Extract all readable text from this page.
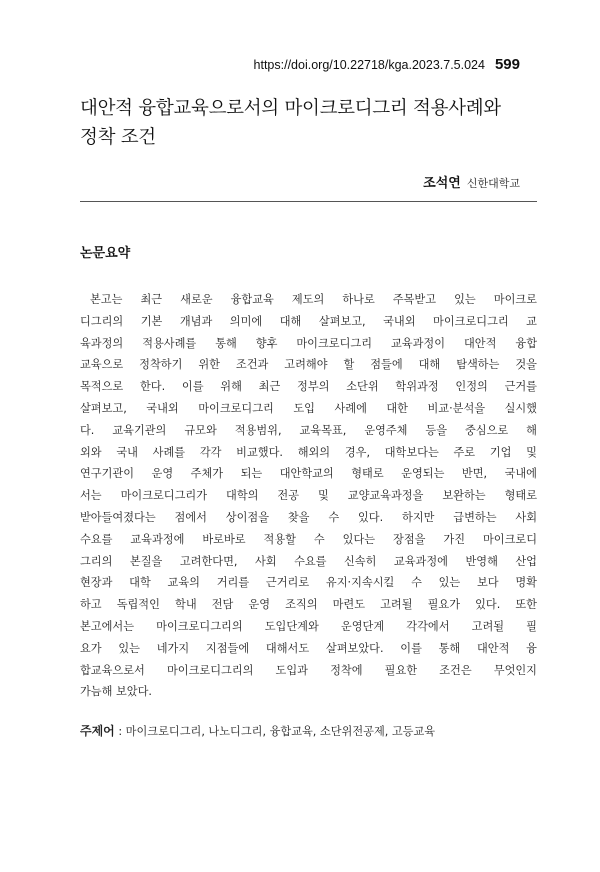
https://doi.org/10.22718/kga.2023.7.5.024 599
대안적 융합교육으로서의 마이크로디그리 적용사례와
정착 조건
조석연 신한대학교
논문요약
본고는 최근 새로운 융합교육 제도의 하나로 주목받고 있는 마이크로
디그리의 기본 개념과 의미에 대해 살펴보고, 국내외 마이크로디그리 교
육과정의 적용사례를 통해 향후 마이크로디그리 교육과정이 대안적 융합
교육으로 정착하기 위한 조건과 고려해야 할 점들에 대해 탐색하는 것을
목적으로 한다. 이를 위해 최근 정부의 소단위 학위과정 인정의 근거를
살펴보고, 국내외 마이크로디그리 도입 사례에 대한 비교·분석을 실시했
다. 교육기관의 규모와 적용범위, 교육목표, 운영주체 등을 중심으로 해
외와 국내 사례를 각각 비교했다. 해외의 경우, 대학보다는 주로 기업 및
연구기관이 운영 주체가 되는 대안학교의 형태로 운영되는 반면, 국내에
서는 마이크로디그리가 대학의 전공 및 교양교육과정을 보완하는 형태로
받아들여졌다는 점에서 상이점을 찾을 수 있다. 하지만 급변하는 사회
수요를 교육과정에 바로바로 적용할 수 있다는 장점을 가진 마이크로디
그리의 본질을 고려한다면, 사회 수요를 신속히 교육과정에 반영해 산업
현장과 대학 교육의 거리를 근거리로 유지·지속시킬 수 있는 보다 명확
하고 독립적인 학내 전담 운영 조직의 마련도 고려될 필요가 있다. 또한
본고에서는 마이크로디그리의 도입단계와 운영단계 각각에서 고려될 필
요가 있는 네가지 지점들에 대해서도 살펴보았다. 이를 통해 대안적 융
합교육으로서 마이크로디그리의 도입과 정착에 필요한 조건은 무엇인지
가늠해 보았다.
주제어 : 마이크로디그리, 나노디그리, 융합교육, 소단위전공제, 고등교육
